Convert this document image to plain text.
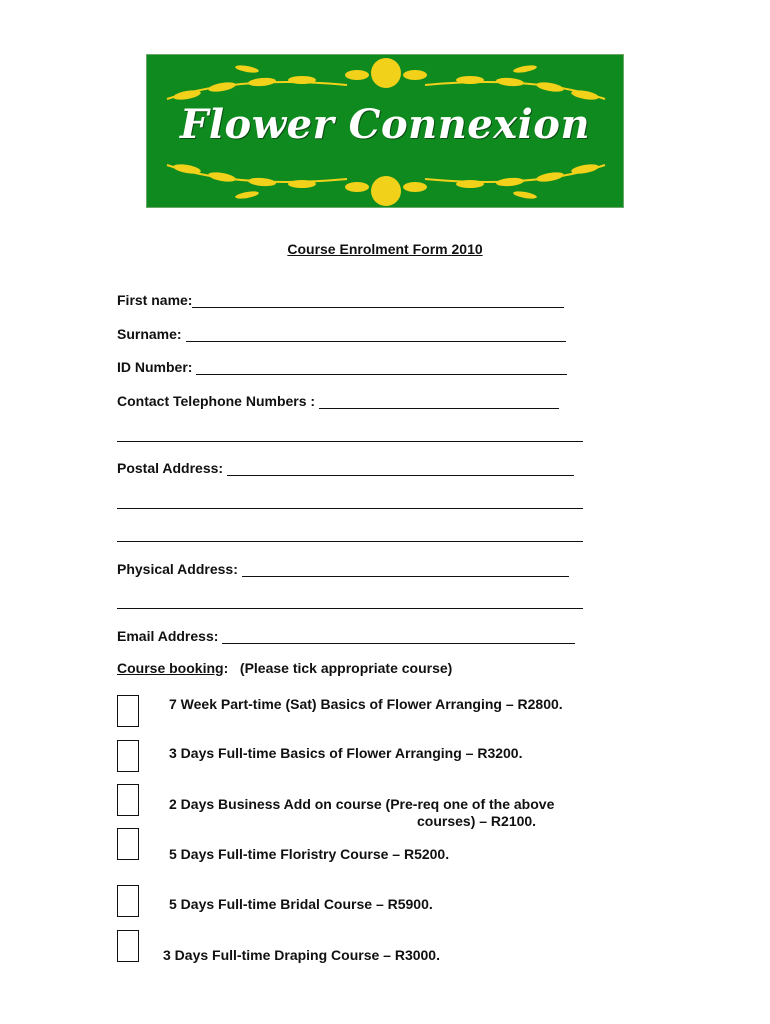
Flower Connexion
Course Enrolment Form 2010
First name:
Surname:
ID Number:
Contact Telephone Numbers :
Postal Address:
Physical Address:
Email Address:
Course booking: (Please tick appropriate course)
7 Week Part-time (Sat) Basics of Flower Arranging – R2800.
3 Days Full-time Basics of Flower Arranging – R3200.
2 Days Business Add on course (Pre-req one of the above
courses) – R2100.
5 Days Full-time Floristry Course – R5200.
5 Days Full-time Bridal Course – R5900.
3 Days Full-time Draping Course – R3000.
